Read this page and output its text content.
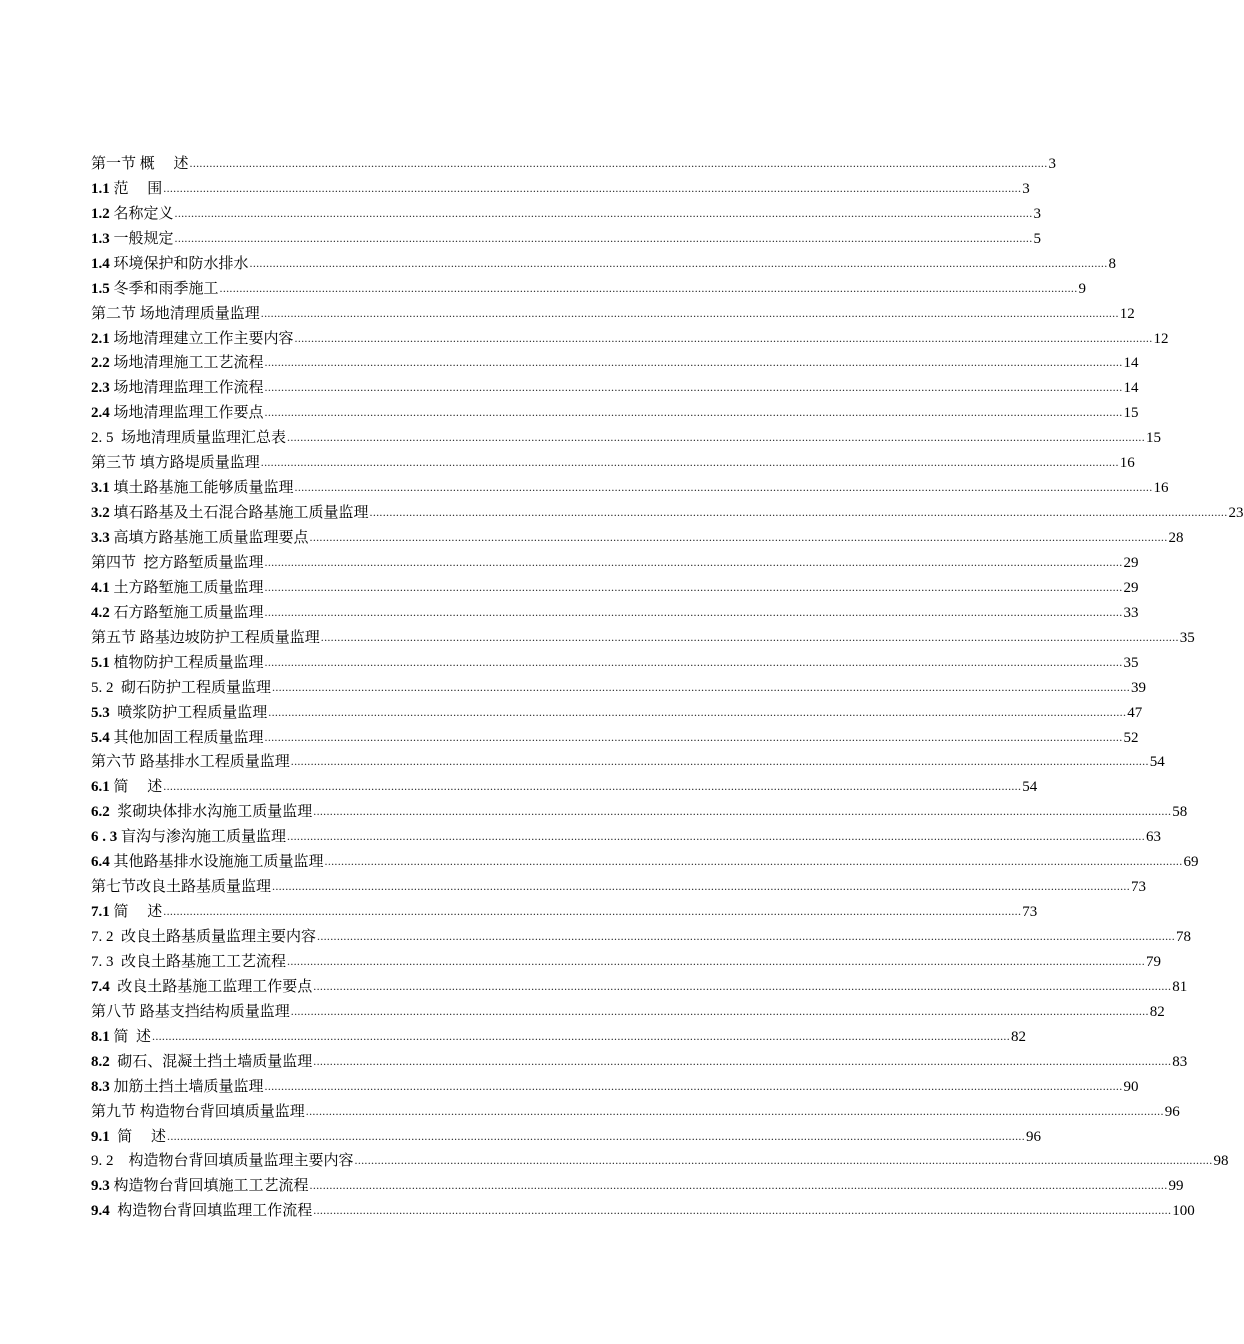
第一节 概　 述 .................................................................................................................................................................................................................................................................... 3
1.1 范　 围 .................................................................................................................................................................................................................................................................... 3
1.2 名称定义 .................................................................................................................................................................................................................................................................... 3
1.3 一般规定 .................................................................................................................................................................................................................................................................... 5
1.4 环境保护和防水排水 .................................................................................................................................................................................................................................................................... 8
1.5 冬季和雨季施工 .................................................................................................................................................................................................................................................................... 9
第二节 场地清理质量监理 .................................................................................................................................................................................................................................................................... 12
2.1 场地清理建立工作主要内容 .................................................................................................................................................................................................................................................................... 12
2.2 场地清理施工工艺流程 .................................................................................................................................................................................................................................................................... 14
2.3 场地清理监理工作流程 .................................................................................................................................................................................................................................................................... 14
2.4 场地清理监理工作要点 .................................................................................................................................................................................................................................................................... 15
2. 5  场地清理质量监理汇总表 .................................................................................................................................................................................................................................................................... 15
第三节 填方路堤质量监理 .................................................................................................................................................................................................................................................................... 16
3.1 填土路基施工能够质量监理 .................................................................................................................................................................................................................................................................... 16
3.2 填石路基及土石混合路基施工质量监理 .................................................................................................................................................................................................................................................................... 23
3.3 高填方路基施工质量监理要点 .................................................................................................................................................................................................................................................................... 28
第四节  挖方路堑质量监理 .................................................................................................................................................................................................................................................................... 29
4.1 土方路堑施工质量监理 .................................................................................................................................................................................................................................................................... 29
4.2 石方路堑施工质量监理 .................................................................................................................................................................................................................................................................... 33
第五节 路基边坡防护工程质量监理 .................................................................................................................................................................................................................................................................... 35
5.1 植物防护工程质量监理 .................................................................................................................................................................................................................................................................... 35
5. 2  砌石防护工程质量监理 .................................................................................................................................................................................................................................................................... 39
5.3  喷浆防护工程质量监理 .................................................................................................................................................................................................................................................................... 47
5.4 其他加固工程质量监理 .................................................................................................................................................................................................................................................................... 52
第六节 路基排水工程质量监理 .................................................................................................................................................................................................................................................................... 54
6.1 简　 述 .................................................................................................................................................................................................................................................................... 54
6.2  浆砌块体排水沟施工质量监理 .................................................................................................................................................................................................................................................................... 58
6 . 3 盲沟与渗沟施工质量监理 .................................................................................................................................................................................................................................................................... 63
6.4 其他路基排水设施施工质量监理 .................................................................................................................................................................................................................................................................... 69
第七节改良土路基质量监理 .................................................................................................................................................................................................................................................................... 73
7.1 简　 述 .................................................................................................................................................................................................................................................................... 73
7. 2  改良土路基质量监理主要内容 .................................................................................................................................................................................................................................................................... 78
7. 3  改良土路基施工工艺流程 .................................................................................................................................................................................................................................................................... 79
7.4  改良土路基施工监理工作要点 .................................................................................................................................................................................................................................................................... 81
第八节 路基支挡结构质量监理 .................................................................................................................................................................................................................................................................... 82
8.1 简  述 .................................................................................................................................................................................................................................................................... 82
8.2  砌石、混凝土挡土墙质量监理 .................................................................................................................................................................................................................................................................... 83
8.3 加筋土挡土墙质量监理 .................................................................................................................................................................................................................................................................... 90
第九节 构造物台背回填质量监理 .................................................................................................................................................................................................................................................................... 96
9.1  简　 述 .................................................................................................................................................................................................................................................................... 96
9. 2　构造物台背回填质量监理主要内容 .................................................................................................................................................................................................................................................................... 98
9.3 构造物台背回填施工工艺流程 .................................................................................................................................................................................................................................................................... 99
9.4  构造物台背回填监理工作流程 .................................................................................................................................................................................................................................................................... 100
